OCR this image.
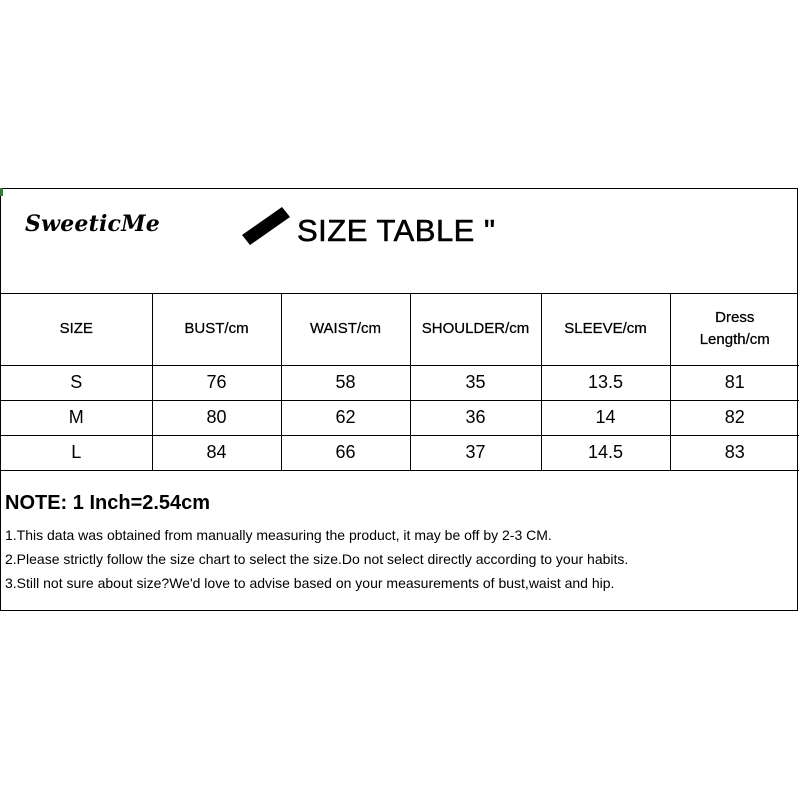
SweeticMe	SIZE TABLE "
SIZE	BUST/cm	WAIST/cm	SHOULDER/cm	SLEEVE/cm	Dress Length/cm
S	76	58	35	13.5	81
M	80	62	36	14	82
L	84	66	37	14.5	83

NOTE: 1 Inch=2.54cm

1.This data was obtained from manually measuring the product, it may be off by 2-3 CM.

2.Please strictly follow the size chart to select the size.Do not select directly according to your habits.

3.Still not sure about size?We'd love to advise based on your measurements of bust,waist and hip.
